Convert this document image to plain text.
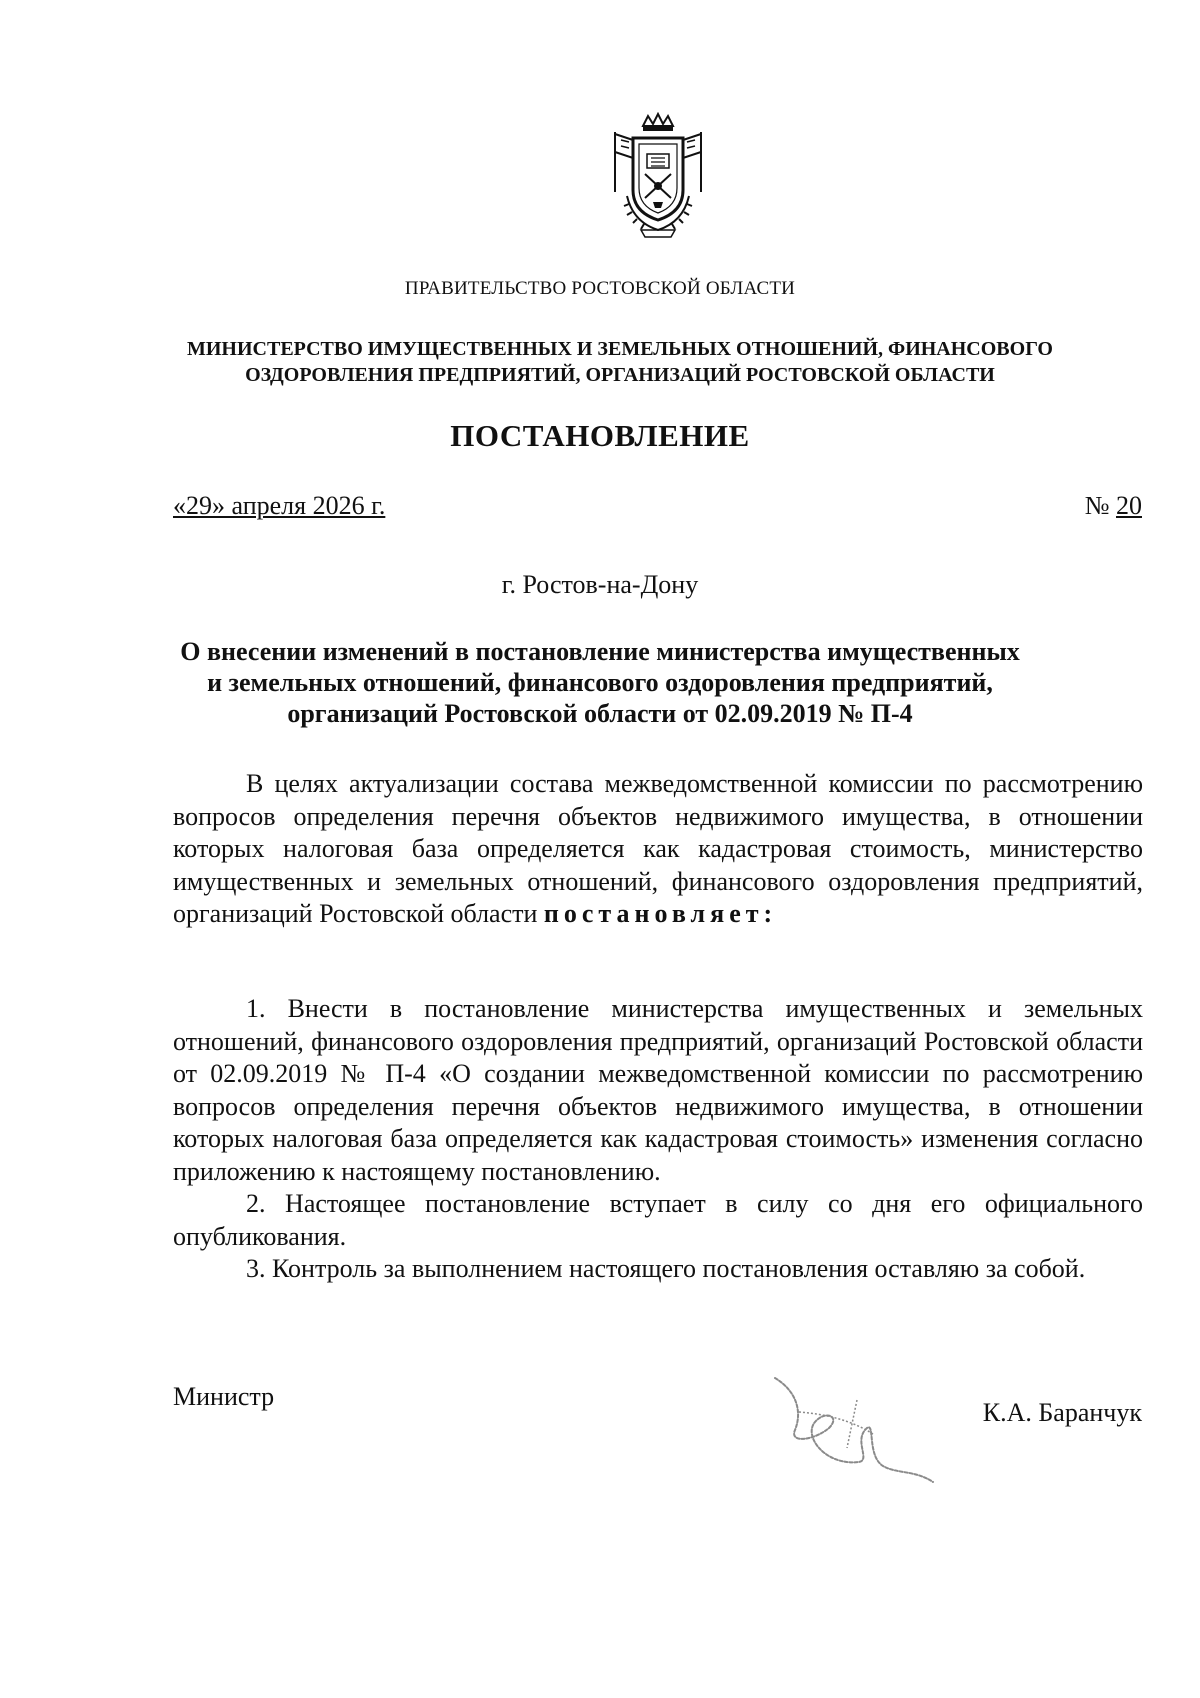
ПРАВИТЕЛЬСТВО РОСТОВСКОЙ ОБЛАСТИ
МИНИСТЕРСТВО ИМУЩЕСТВЕННЫХ И ЗЕМЕЛЬНЫХ ОТНОШЕНИЙ, ФИНАНСОВОГО
ОЗДОРОВЛЕНИЯ ПРЕДПРИЯТИЙ, ОРГАНИЗАЦИЙ РОСТОВСКОЙ ОБЛАСТИ
ПОСТАНОВЛЕНИЕ
«29» апреля 2026 г.	№ 20
г. Ростов-на-Дону
О внесении изменений в постановление министерства имущественных
и земельных отношений, финансового оздоровления предприятий,
организаций Ростовской области от 02.09.2019 № П-4

В целях актуализации состава межведомственной комиссии по рассмотрению вопросов определения перечня объектов недвижимого имущества, в отношении которых налоговая база определяется как кадастровая стоимость, министерство имущественных и земельных отношений, финансового оздоровления предприятий, организаций Ростовской области постановляет:

1. Внести в постановление министерства имущественных и земельных отношений, финансового оздоровления предприятий, организаций Ростовской области от 02.09.2019 № П-4 «О создании межведомственной комиссии по рассмотрению вопросов определения перечня объектов недвижимого имущества, в отношении которых налоговая база определяется как кадастровая стоимость» изменения согласно приложению к настоящему постановлению.

2. Настоящее постановление вступает в силу со дня его официального опубликования.

3. Контроль за выполнением настоящего постановления оставляю за собой.

Министр
К.А. Баранчук
